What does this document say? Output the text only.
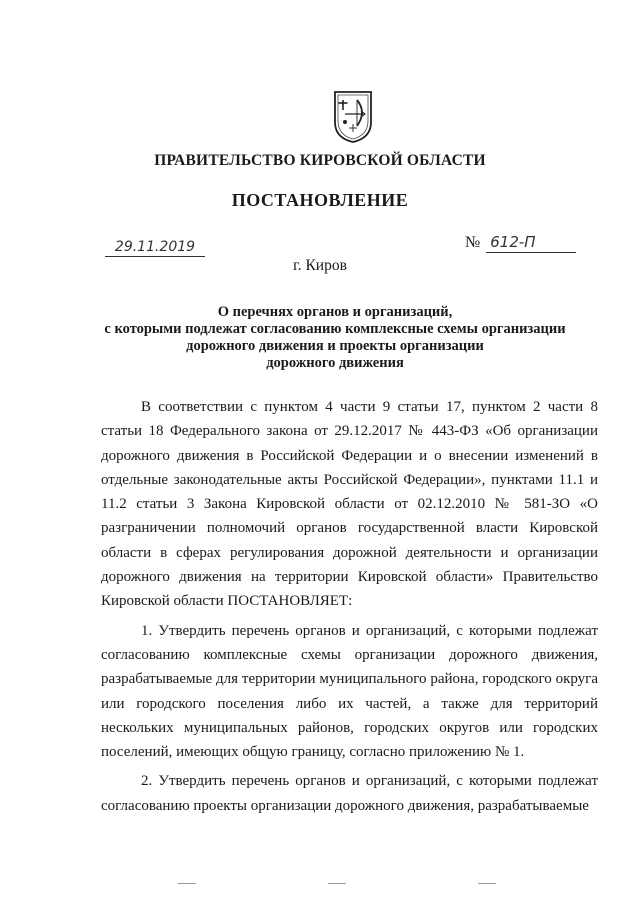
ПРАВИТЕЛЬСТВО КИРОВСКОЙ ОБЛАСТИ
ПОСТАНОВЛЕНИЕ
29.11.2019	№ 612-П
г. Киров
О перечнях органов и организаций,
с которыми подлежат согласованию комплексные схемы организации
дорожного движения и проекты организации
дорожного движения

В соответствии с пунктом 4 части 9 статьи 17, пунктом 2 части 8 статьи 18 Федерального закона от 29.12.2017 № 443-ФЗ «Об организации дорожного движения в Российской Федерации и о внесении изменений в отдельные законодательные акты Российской Федерации», пунктами 11.1 и 11.2 статьи 3 Закона Кировской области от 02.12.2010 № 581-ЗО «О разграничении полномочий органов государственной власти Кировской области в сферах регулирования дорожной деятельности и организации дорожного движения на территории Кировской области» Правительство Кировской области ПОСТАНОВЛЯЕТ:

1. Утвердить перечень органов и организаций, с которыми подлежат согласованию комплексные схемы организации дорожного движения, разрабатываемые для территории муниципального района, городского округа или городского поселения либо их частей, а также для территорий нескольких муниципальных районов, городских округов или городских поселений, имеющих общую границу, согласно приложению № 1.

2. Утвердить перечень органов и организаций, с которыми подлежат согласованию проекты организации дорожного движения, разрабатываемые
